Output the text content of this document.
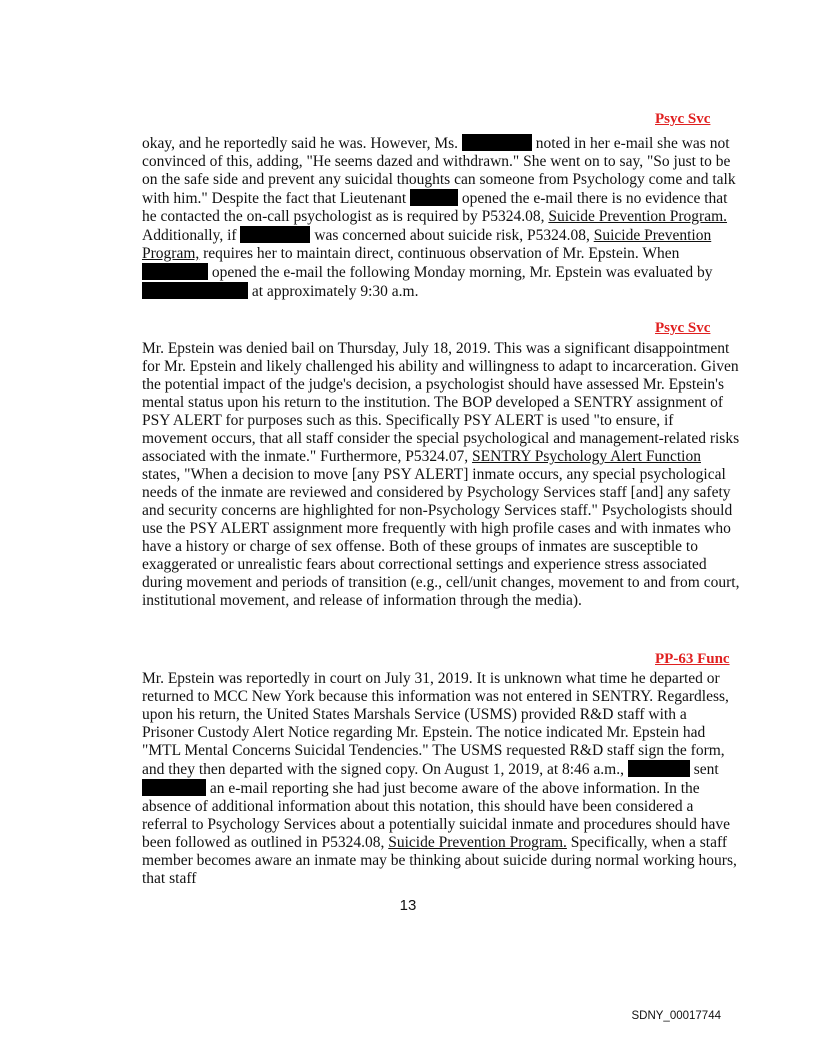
Psyc Svc

okay, and he reportedly said he was. However, Ms.	noted in her e-mail she was not convinced of this, adding, "He seems dazed and withdrawn." She went on to say, "So just to be on the safe side and prevent any suicidal thoughts can someone from Psychology come and talk with him." Despite the fact that Lieutenant	opened the e-mail there is no evidence that he contacted the on-call psychologist as is required by P5324.08, Suicide Prevention Program. Additionally, if	was concerned about suicide risk, P5324.08, Suicide Prevention Program, requires her to maintain direct, continuous observation of Mr. Epstein. When  opened the e-mail the following Monday morning, Mr. Epstein was evaluated by  at approximately 9:30 a.m.

Psyc Svc

Mr. Epstein was denied bail on Thursday, July 18, 2019. This was a significant disappointment for Mr. Epstein and likely challenged his ability and willingness to adapt to incarceration. Given the potential impact of the judge's decision, a psychologist should have assessed Mr. Epstein's mental status upon his return to the institution. The BOP developed a SENTRY assignment of PSY ALERT for purposes such as this. Specifically PSY ALERT is used "to ensure, if movement occurs, that all staff consider the special psychological and management-related risks associated with the inmate." Furthermore, P5324.07, SENTRY Psychology Alert Function states, "When a decision to move [any PSY ALERT] inmate occurs, any special psychological needs of the inmate are reviewed and considered by Psychology Services staff [and] any safety and security concerns are highlighted for non-Psychology Services staff." Psychologists should use the PSY ALERT assignment more frequently with high profile cases and with inmates who have a history or charge of sex offense. Both of these groups of inmates are susceptible to exaggerated or unrealistic fears about correctional settings and experience stress associated during movement and periods of transition (e.g., cell/unit changes, movement to and from court, institutional movement, and release of information through the media).

PP-63 Func

Mr. Epstein was reportedly in court on July 31, 2019. It is unknown what time he departed or returned to MCC New York because this information was not entered in SENTRY. Regardless, upon his return, the United States Marshals Service (USMS) provided R&D staff with a Prisoner Custody Alert Notice regarding Mr. Epstein. The notice indicated Mr. Epstein had "MTL Mental Concerns Suicidal Tendencies." The USMS requested R&D staff sign the form, and they then departed with the signed copy. On August 1, 2019, at 8:46 a.m.,	sent  an e-mail reporting she had just become aware of the above information. In the absence of additional information about this notation, this should have been considered a referral to Psychology Services about a potentially suicidal inmate and procedures should have been followed as outlined in P5324.08, Suicide Prevention Program. Specifically, when a staff member becomes aware an inmate may be thinking about suicide during normal working hours, that staff

13
SDNY_00017744
